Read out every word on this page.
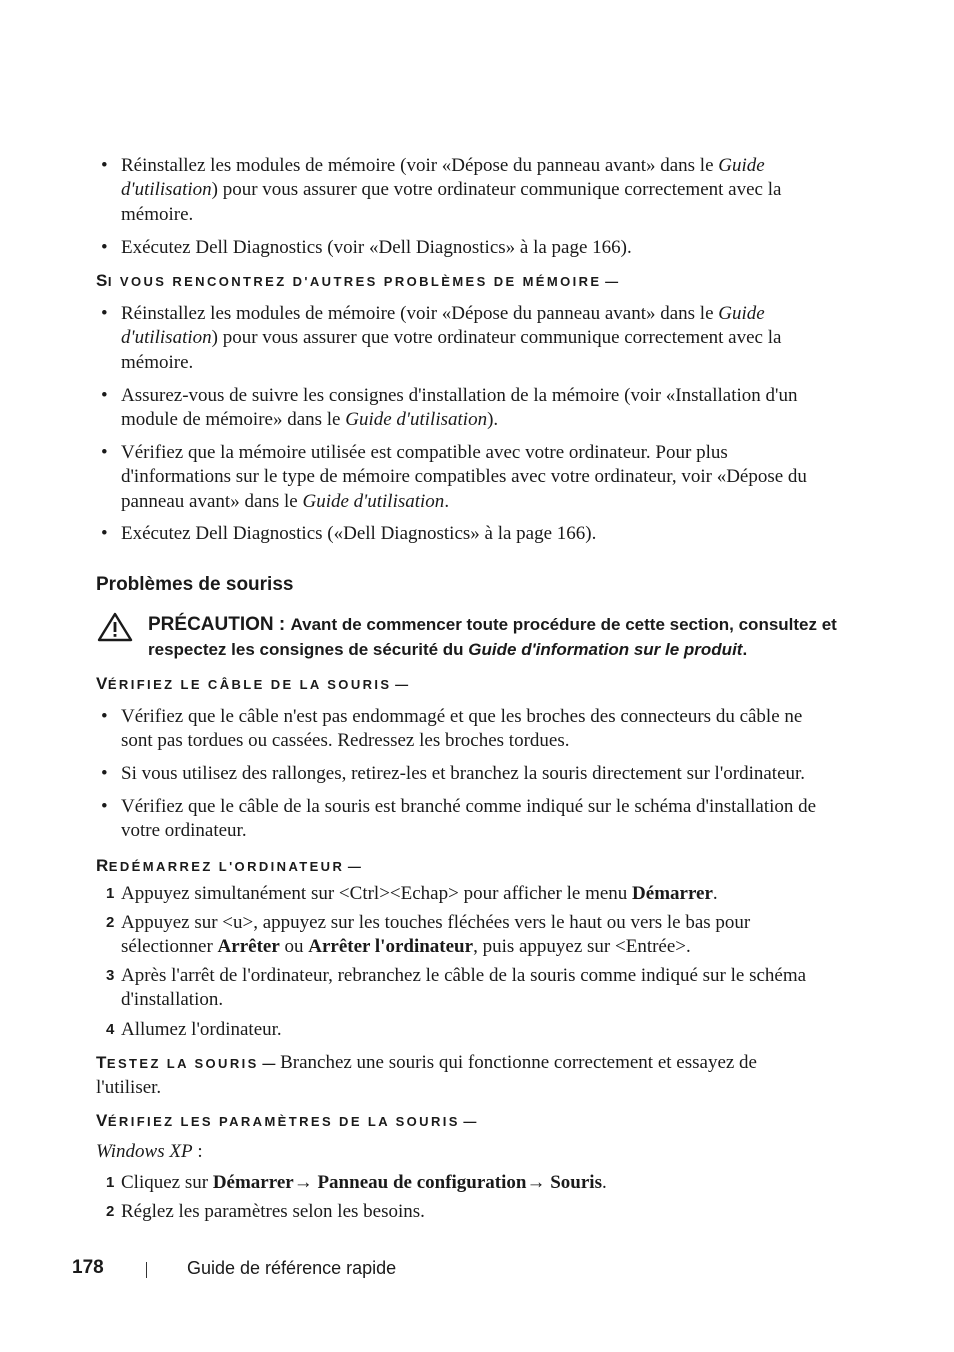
• Réinstallez les modules de mémoire (voir «Dépose du panneau avant» dans le Guide d'utilisation) pour vous assurer que votre ordinateur communique correctement avec la mémoire.
• Exécutez Dell Diagnostics (voir «Dell Diagnostics» à la page 166).
SI VOUS RENCONTREZ D'AUTRES PROBLÈMES DE MÉMOIRE —
• Réinstallez les modules de mémoire (voir «Dépose du panneau avant» dans le Guide d'utilisation) pour vous assurer que votre ordinateur communique correctement avec la mémoire.
• Assurez-vous de suivre les consignes d'installation de la mémoire (voir «Installation d'un module de mémoire» dans le Guide d'utilisation).
• Vérifiez que la mémoire utilisée est compatible avec votre ordinateur. Pour plus d'informations sur le type de mémoire compatibles avec votre ordinateur, voir «Dépose du panneau avant» dans le Guide d'utilisation.
• Exécutez Dell Diagnostics («Dell Diagnostics» à la page 166).
Problèmes de souriss
PRÉCAUTION : Avant de commencer toute procédure de cette section, consultez et respectez les consignes de sécurité du Guide d'information sur le produit.
VÉRIFIEZ LE CÂBLE DE LA SOURIS —
• Vérifiez que le câble n'est pas endommagé et que les broches des connecteurs du câble ne sont pas tordues ou cassées. Redressez les broches tordues.
• Si vous utilisez des rallonges, retirez-les et branchez la souris directement sur l'ordinateur.
• Vérifiez que le câble de la souris est branché comme indiqué sur le schéma d'installation de votre ordinateur.
REDÉMARREZ L'ORDINATEUR —
1 Appuyez simultanément sur <Ctrl><Echap> pour afficher le menu Démarrer.
2 Appuyez sur <u>, appuyez sur les touches fléchées vers le haut ou vers le bas pour sélectionner Arrêter ou Arrêter l'ordinateur, puis appuyez sur <Entrée>.
3 Après l'arrêt de l'ordinateur, rebranchez le câble de la souris comme indiqué sur le schéma d'installation.
4 Allumez l'ordinateur.
TESTEZ LA SOURIS — Branchez une souris qui fonctionne correctement et essayez de l'utiliser.
VÉRIFIEZ LES PARAMÈTRES DE LA SOURIS —
Windows XP :
1 Cliquez sur Démarrer→ Panneau de configuration→ Souris.
2 Réglez les paramètres selon les besoins.
178	Guide de référence rapide
